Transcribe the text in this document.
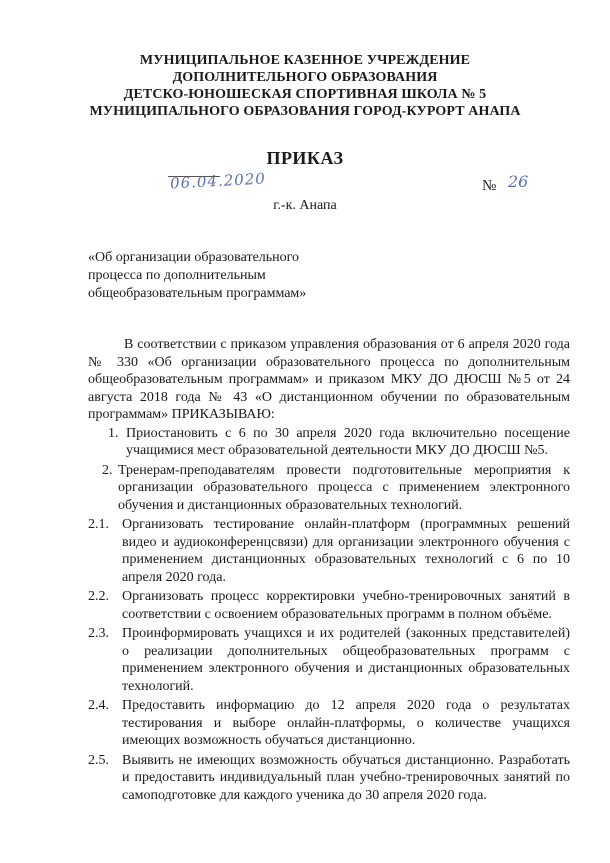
МУНИЦИПАЛЬНОЕ КАЗЕННОЕ УЧРЕЖДЕНИЕ
ДОПОЛНИТЕЛЬНОГО ОБРАЗОВАНИЯ
ДЕТСКО-ЮНОШЕСКАЯ СПОРТИВНАЯ ШКОЛА № 5
МУНИЦИПАЛЬНОГО ОБРАЗОВАНИЯ ГОРОД-КУРОРТ АНАПА
ПРИКАЗ
06.04.2020	№ 26
г.-к. Анапа
«Об организации образовательного
процесса по дополнительным
общеобразовательным программам»

В соответствии с приказом управления образования от 6 апреля 2020 года № 330 «Об организации образовательного процесса по дополнительным общеобразовательным программам» и приказом МКУ ДО ДЮСШ №5 от 24 августа 2018 года № 43 «О дистанционном обучении по образовательным программам» ПРИКАЗЫВАЮ:

1. Приостановить с 6 по 30 апреля 2020 года включительно посещение учащимися мест образовательной деятельности МКУ ДО ДЮСШ №5.
2. Тренерам-преподавателям провести подготовительные мероприятия к организации образовательного процесса с применением электронного обучения и дистанционных образовательных технологий.
2.1. Организовать тестирование онлайн-платформ (программных решений видео и аудиоконференцсвязи) для организации электронного обучения с применением дистанционных образовательных технологий с 6 по 10 апреля 2020 года.
2.2. Организовать процесс корректировки учебно-тренировочных занятий в соответствии с освоением образовательных программ в полном объёме.
2.3. Проинформировать учащихся и их родителей (законных представителей) о реализации дополнительных общеобразовательных программ с применением электронного обучения и дистанционных образовательных технологий.
2.4. Предоставить информацию до 12 апреля 2020 года о результатах тестирования и выборе онлайн-платформы, о количестве учащихся имеющих возможность обучаться дистанционно.
2.5. Выявить не имеющих возможность обучаться дистанционно. Разработать и предоставить индивидуальный план учебно-тренировочных занятий по самоподготовке для каждого ученика до 30 апреля 2020 года.
